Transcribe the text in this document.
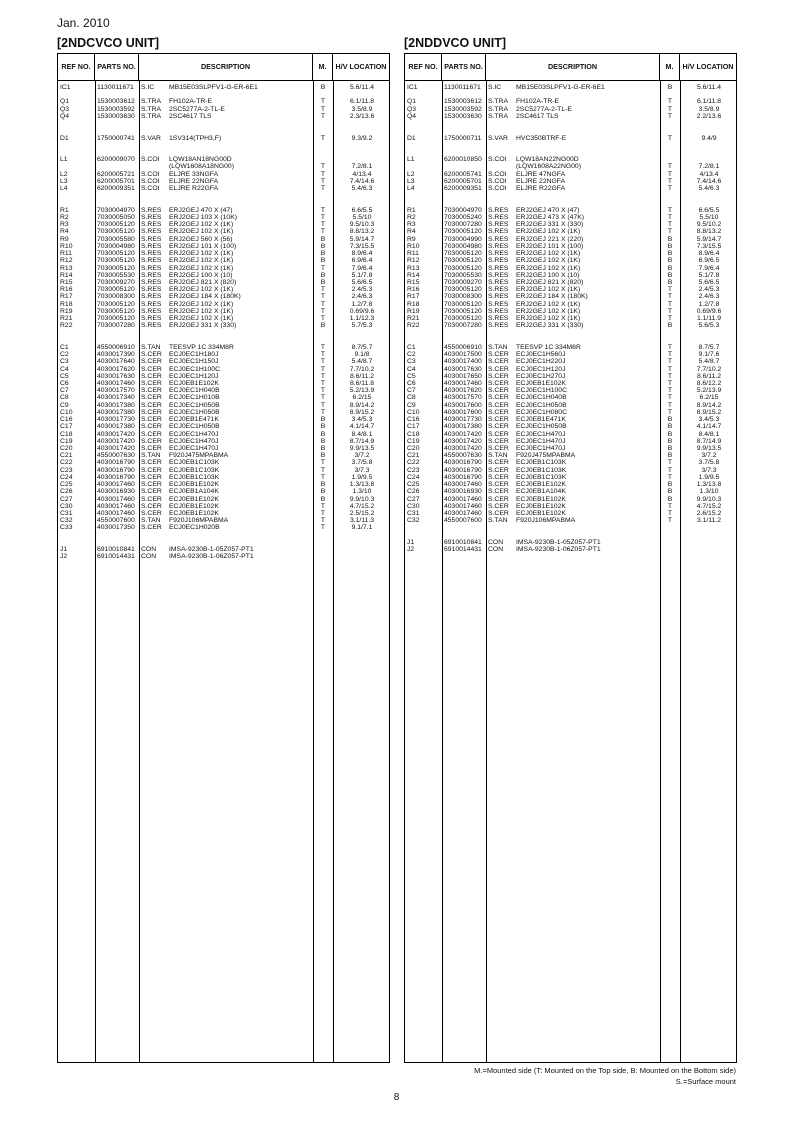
Jan. 2010
[2NDCVCO UNIT]	[2NDDVCO UNIT]
REF NO. PARTS NO.	DESCRIPTION	M.	H/V LOCATION
IC1	1130011671 S.IC MB15E03SLPFV1-G-ER-6E1	B	5.6/11.4
Q1	1530003612 S.TRA FH102A-TR-E	T	6.1/11.8
Q3	1530003592 S.TRA 2SC5277A-2-TL-E	T	3.5/8.9
Q4	1530003630 S.TRA 2SC4617 TLS	T	2.3/13.6
D1	1750000741 S.VAR 1SV314(TPH3,F)	T	9.3/9.2
L1	6200009070 S.COI LQW18AN18NG00D
(LQW1608A18NG00)	T	7.2/8.1
L2	6200005721 S.COI ELJRE 33NGFA	T	4/13.4
L3	6200005701 S.COI ELJRE 22NGFA	T	7.4/14.6
L4	6200009351 S.COI ELJRE R22GFA	T	5.4/6.3
R1	7030004970 S.RES ERJ2GEJ 470 X (47)	T	6.6/5.5
R2	7030005050 S.RES ERJ2GEJ 103 X (10K)	T	5.5/10
R3	7030005120 S.RES ERJ2GEJ 102 X (1K)	T	9.5/10.3
R4	7030005120 S.RES ERJ2GEJ 102 X (1K)	T	8.8/13.2
R9	7030005580 S.RES ERJ2GEJ 560 X (56)	B	5.9/14.7
R10	7030004980 S.RES ERJ2GEJ 101 X (100)	B	7.3/15.5
R11	7030005120 S.RES ERJ2GEJ 102 X (1K)	B	8.9/6.4
R12	7030005120 S.RES ERJ2GEJ 102 X (1K)	B	6.9/6.4
R13	7030005120 S.RES ERJ2GEJ 102 X (1K)	T	7.9/6.4
R14	7030005530 S.RES ERJ2GEJ 100 X (10)	B	5.1/7.8
R15	7030009270 S.RES ERJ2GEJ 821 X (820)	B	5.6/6.5
R16	7030005120 S.RES ERJ2GEJ 102 X (1K)	T	2.4/5.3
R17	7030008300 S.RES ERJ2GEJ 184 X (180K)	T	2.4/6.3
R18	7030005120 S.RES ERJ2GEJ 102 X (1K)	T	1.2/7.8
R19	7030005120 S.RES ERJ2GEJ 102 X (1K)	T	0.69/9.6
R21	7030005120 S.RES ERJ2GEJ 102 X (1K)	T	1.1/12.3
R22	7030007280 S.RES ERJ2GEJ 331 X (330)	B	5.7/5.3
C1	4550006910 S.TAN TEESVP 1C 334M8R	T	8.7/5.7
C2	4030017390 S.CER ECJ0EC1H180J	T	9.1/8
C3	4030017640 S.CER ECJ0EC1H150J	T	5.4/8.7
C4	4030017620 S.CER ECJ0EC1H100C	T	7.7/10.2
C5	4030017630 S.CER ECJ0EC1H120J	T	8.6/11.2
C6	4030017460 S.CER ECJ0EB1E102K	T	8.6/11.8
C7	4030017570 S.CER ECJ0EC1H040B	T	5.2/13.9
C8	4030017340 S.CER ECJ0EC1H010B	T	6.2/15
C9	4030017380 S.CER ECJ0EC1H050B	T	8.9/14.2
C10	4030017380 S.CER ECJ0EC1H050B	T	8.9/15.2
C16	4030017730 S.CER ECJ0EB1E471K	B	3.4/5.3
C17	4030017380 S.CER ECJ0EC1H050B	B	4.1/14.7
C18	4030017420 S.CER ECJ0EC1H470J	B	8.4/8.1
C19	4030017420 S.CER ECJ0EC1H470J	B	8.7/14.9
C20	4030017420 S.CER ECJ0EC1H470J	B	9.9/13.5
C21	4550007630 S.TAN F920J475MPABMA	B	3/7.2
C22	4030016790 S.CER ECJ0EB1C103K	T	3.7/5.8
C23	4030016790 S.CER ECJ0EB1C103K	T	3/7.3
C24	4030016790 S.CER ECJ0EB1C103K	T	1.9/9.5
C25	4030017460 S.CER ECJ0EB1E102K	B	1.3/13.8
C26	4030016930 S.CER ECJ0EB1A104K	B	1.3/10
C27	4030017460 S.CER ECJ0EB1E102K	B	9.9/10.3
C30	4030017460 S.CER ECJ0EB1E102K	T	4.7/15.2
C31	4030017460 S.CER ECJ0EB1E102K	T	2.5/15.2
C32	4550007600 S.TAN F920J106MPABMA	T	3.1/11.3
C33	4030017350 S.CER ECJ0EC1H020B	T	9.1/7.1
J1	6910010841 CON IMSA-9230B-1-05Z057-PT1
J2	6910014431 CON IMSA-9230B-1-06Z057-PT1
REF NO. PARTS NO.	DESCRIPTION	M.	H/V LOCATION
IC1	1130011671 S.IC MB15E03SLPFV1-G-ER-6E1	B	5.6/11.4
Q1	1530003612 S.TRA FH102A-TR-E	T	6.1/11.8
Q3	1530003592 S.TRA 2SC5277A-2-TL-E	T	3.5/8.9
Q4	1530003630 S.TRA 2SC4617 TLS	T	2.2/13.6
D1	1750000711 S.VAR HVC350BTRF-E	T	9.4/9
L1	6200010850 S.COI LQW18AN22NG00D
(LQW1608A22NG00)	T	7.2/8.1
L2	6200005741 S.COI ELJRE 47NGFA	T	4/13.4
L3	6200005701 S.COI ELJRE 22NGFA	T	7.4/14.6
L4	6200009351 S.COI ELJRE R22GFA	T	5.4/6.3
R1	7030004970 S.RES ERJ2GEJ 470 X (47)	T	6.6/5.5
R2	7030005240 S.RES ERJ2GEJ 473 X (47K)	T	5.5/10
R3	7030007280 S.RES ERJ2GEJ 331 X (330)	T	9.5/10.2
R4	7030005120 S.RES ERJ2GEJ 102 X (1K)	T	8.8/13.2
R9	7030004990 S.RES ERJ2GEJ 221 X (220)	B	5.9/14.7
R10	7030004980 S.RES ERJ2GEJ 101 X (100)	B	7.3/15.5
R11	7030005120 S.RES ERJ2GEJ 102 X (1K)	B	8.9/6.4
R12	7030005120 S.RES ERJ2GEJ 102 X (1K)	B	6.9/6.5
R13	7030005120 S.RES ERJ2GEJ 102 X (1K)	B	7.9/6.4
R14	7030005530 S.RES ERJ2GEJ 100 X (10)	B	5.1/7.8
R15	7030009270 S.RES ERJ2GEJ 821 X (820)	B	5.6/6.5
R16	7030005120 S.RES ERJ2GEJ 102 X (1K)	T	2.4/5.3
R17	7030008300 S.RES ERJ2GEJ 184 X (180K)	T	2.4/6.3
R18	7030005120 S.RES ERJ2GEJ 102 X (1K)	T	1.2/7.8
R19	7030005120 S.RES ERJ2GEJ 102 X (1K)	T	0.69/9.6
R21	7030005120 S.RES ERJ2GEJ 102 X (1K)	T	1.1/11.9
R22	7030007280 S.RES ERJ2GEJ 331 X (330)	B	5.6/5.3
C1	4550006910 S.TAN TEESVP 1C 334M8R	T	8.7/5.7
C2	4030017500 S.CER ECJ0EC1H560J	T	9.1/7.6
C3	4030017400 S.CER ECJ0EC1H220J	T	5.4/8.7
C4	4030017630 S.CER ECJ0EC1H120J	T	7.7/10.2
C5	4030017650 S.CER ECJ0EC1H270J	T	8.6/11.2
C6	4030017460 S.CER ECJ0EB1E102K	T	8.6/12.2
C7	4030017620 S.CER ECJ0EC1H100C	T	5.2/13.9
C8	4030017570 S.CER ECJ0EC1H040B	T	6.2/15
C9	4030017600 S.CER ECJ0EC1H050B	T	8.9/14.2
C10	4030017600 S.CER ECJ0EC1H080C	T	8.9/15.2
C16	4030017730 S.CER ECJ0EB1E471K	B	3.4/5.3
C17	4030017380 S.CER ECJ0EC1H050B	B	4.1/14.7
C18	4030017420 S.CER ECJ0EC1H470J	B	8.4/8.1
C19	4030017420 S.CER ECJ0EC1H470J	B	8.7/14.9
C20	4030017420 S.CER ECJ0EC1H470J	B	9.9/13.5
C21	4550007630 S.TAN F920J475MPABMA	B	3/7.2
C22	4030016790 S.CER ECJ0EB1C103K	T	3.7/5.8
C23	4030016790 S.CER ECJ0EB1C103K	T	3/7.3
C24	4030016790 S.CER ECJ0EB1C103K	T	1.9/9.5
C25	4030017460 S.CER ECJ0EB1E102K	B	1.3/13.8
C26	4030016930 S.CER ECJ0EB1A104K	B	1.3/10
C27	4030017460 S.CER ECJ0EB1E102K	B	9.9/10.3
C30	4030017460 S.CER ECJ0EB1E102K	T	4.7/15.2
C31	4030017460 S.CER ECJ0EB1E102K	T	2.6/15.2
C32	4550007600 S.TAN F920J106MPABMA	T	3.1/11.2
J1	6910010841 CON IMSA-9230B-1-05Z057-PT1
J2	6910014431 CON IMSA-9230B-1-06Z057-PT1
M.=Mounted side (T: Mounted on the Top side, B: Mounted on the Bottom side)
S.=Surface mount
8
